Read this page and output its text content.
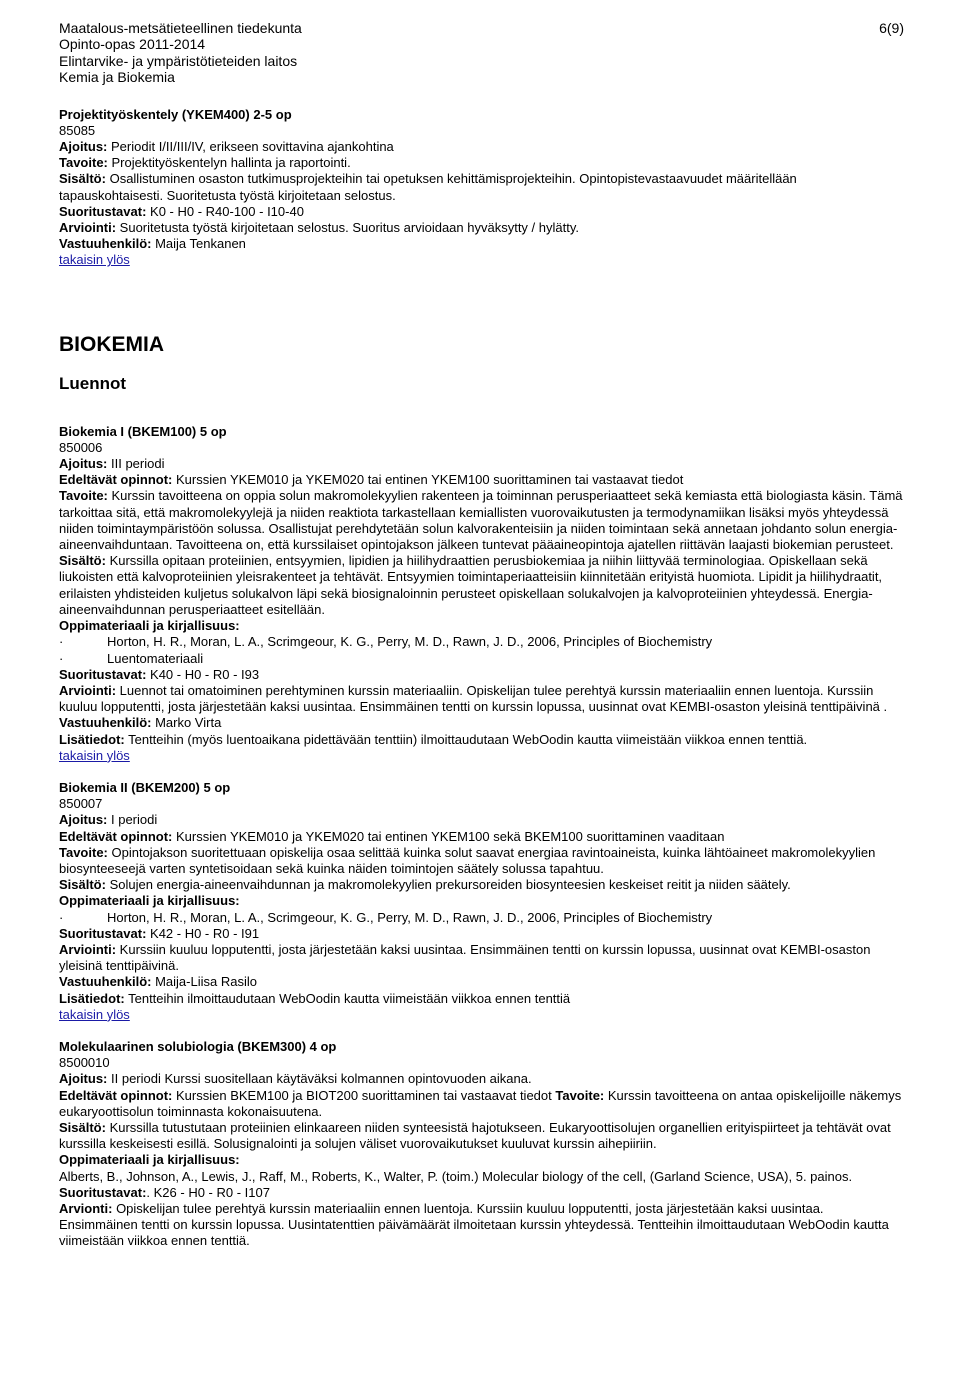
6(9)
Maatalous-metsätieteellinen tiedekunta
Opinto-opas 2011-2014
Elintarvike- ja ympäristötieteiden laitos
Kemia ja Biokemia

Projektityöskentely (YKEM400) 2-5 op

85085

Ajoitus: Periodit I/II/III/IV, erikseen sovittavina ajankohtina

Tavoite: Projektityöskentelyn hallinta ja raportointi.

Sisältö: Osallistuminen osaston tutkimusprojekteihin tai opetuksen kehittämisprojekteihin. Opintopistevastaavuudet määritellään tapauskohtaisesti. Suoritetusta työstä kirjoitetaan selostus.

Suoritustavat: K0 - H0 - R40-100 - I10-40

Arviointi: Suoritetusta työstä kirjoitetaan selostus. Suoritus arvioidaan hyväksytty / hylätty.

Vastuuhenkilö: Maija Tenkanen

takaisin ylös

BIOKEMIA

Luennot

Biokemia I (BKEM100) 5 op

850006

Ajoitus: III periodi

Edeltävät opinnot: Kurssien YKEM010 ja YKEM020 tai entinen YKEM100 suorittaminen tai vastaavat tiedot

Tavoite: Kurssin tavoitteena on oppia solun makromolekyylien rakenteen ja toiminnan perusperiaatteet sekä kemiasta että biologiasta käsin. Tämä tarkoittaa sitä, että makromolekyylejä ja niiden reaktiota tarkastellaan kemiallisten vuorovaikutusten ja termodynamiikan lisäksi myös yhteydessä niiden toimintaympäristöön solussa. Osallistujat perehdytetään solun kalvorakenteisiin ja niiden toimintaan sekä annetaan johdanto solun energia-aineenvaihduntaan. Tavoitteena on, että kurssilaiset opintojakson jälkeen tuntevat pääaineopintoja ajatellen riittävän laajasti biokemian perusteet.

Sisältö: Kurssilla opitaan proteiinien, entsyymien, lipidien ja hiilihydraattien perusbiokemiaa ja niihin liittyvää terminologiaa. Opiskellaan sekä liukoisten että kalvoproteiinien yleisrakenteet ja tehtävät. Entsyymien toimintaperiaatteisiin kiinnitetään erityistä huomiota. Lipidit ja hiilihydraatit, erilaisten yhdisteiden kuljetus solukalvon läpi sekä biosignaloinnin perusteet opiskellaan solukalvojen ja kalvoproteiinien yhteydessä. Energia-aineenvaihdunnan perusperiaatteet esitellään.

Oppimateriaali ja kirjallisuus:

·	Horton, H. R., Moran, L. A., Scrimgeour, K. G., Perry, M. D., Rawn, J. D., 2006, Principles of Biochemistry

·	Luentomateriaali

Suoritustavat: K40 - H0 - R0 - I93

Arviointi: Luennot tai omatoiminen perehtyminen kurssin materiaaliin. Opiskelijan tulee perehtyä kurssin materiaaliin ennen luentoja. Kurssiin kuuluu lopputentti, josta järjestetään kaksi uusintaa. Ensimmäinen tentti on kurssin lopussa, uusinnat ovat KEMBI-osaston yleisinä tenttipäivinä .

Vastuuhenkilö: Marko Virta

Lisätiedot: Tentteihin (myös luentoaikana pidettävään tenttiin) ilmoittaudutaan WebOodin kautta viimeistään viikkoa ennen tenttiä.

takaisin ylös

Biokemia II (BKEM200) 5 op

850007

Ajoitus: I periodi

Edeltävät opinnot: Kurssien YKEM010 ja YKEM020 tai entinen YKEM100 sekä BKEM100 suorittaminen vaaditaan

Tavoite: Opintojakson suoritettuaan opiskelija osaa selittää kuinka solut saavat energiaa ravintoaineista, kuinka lähtöaineet makromolekyylien biosynteeseejä varten syntetisoidaan sekä kuinka näiden toimintojen säätely solussa tapahtuu.

Sisältö: Solujen energia-aineenvaihdunnan ja makromolekyylien prekursoreiden biosynteesien keskeiset reitit ja niiden säätely.

Oppimateriaali ja kirjallisuus:

·	Horton, H. R., Moran, L. A., Scrimgeour, K. G., Perry, M. D., Rawn, J. D., 2006, Principles of Biochemistry

Suoritustavat: K42 - H0 - R0 - I91

Arviointi: Kurssiin kuuluu lopputentti, josta järjestetään kaksi uusintaa. Ensimmäinen tentti on kurssin lopussa, uusinnat ovat KEMBI-osaston yleisinä tenttipäivinä.

Vastuuhenkilö: Maija-Liisa Rasilo

Lisätiedot: Tentteihin ilmoittaudutaan WebOodin kautta viimeistään viikkoa ennen tenttiä

takaisin ylös

Molekulaarinen solubiologia (BKEM300) 4 op

8500010

Ajoitus: II periodi Kurssi suositellaan käytäväksi kolmannen opintovuoden aikana.

Edeltävät opinnot: Kurssien BKEM100 ja BIOT200 suorittaminen tai vastaavat tiedot Tavoite: Kurssin tavoitteena on antaa opiskelijoille näkemys eukaryoottisolun toiminnasta kokonaisuutena.

Sisältö: Kurssilla tutustutaan proteiinien elinkaareen niiden synteesistä hajotukseen. Eukaryoottisolujen organellien erityispiirteet ja tehtävät ovat kurssilla keskeisesti esillä. Solusignalointi ja solujen väliset vuorovaikutukset kuuluvat kurssin aihepiiriin.

Oppimateriaali ja kirjallisuus:

Alberts, B., Johnson, A., Lewis, J., Raff, M., Roberts, K., Walter, P. (toim.) Molecular biology of the cell, (Garland Science, USA), 5. painos.

Suoritustavat:. K26 - H0 - R0 - I107

Arvionti: Opiskelijan tulee perehtyä kurssin materiaaliin ennen luentoja. Kurssiin kuuluu lopputentti, josta järjestetään kaksi uusintaa. Ensimmäinen tentti on kurssin lopussa. Uusintatenttien päivämäärät ilmoitetaan kurssin yhteydessä. Tentteihin ilmoittaudutaan WebOodin kautta viimeistään viikkoa ennen tenttiä.
